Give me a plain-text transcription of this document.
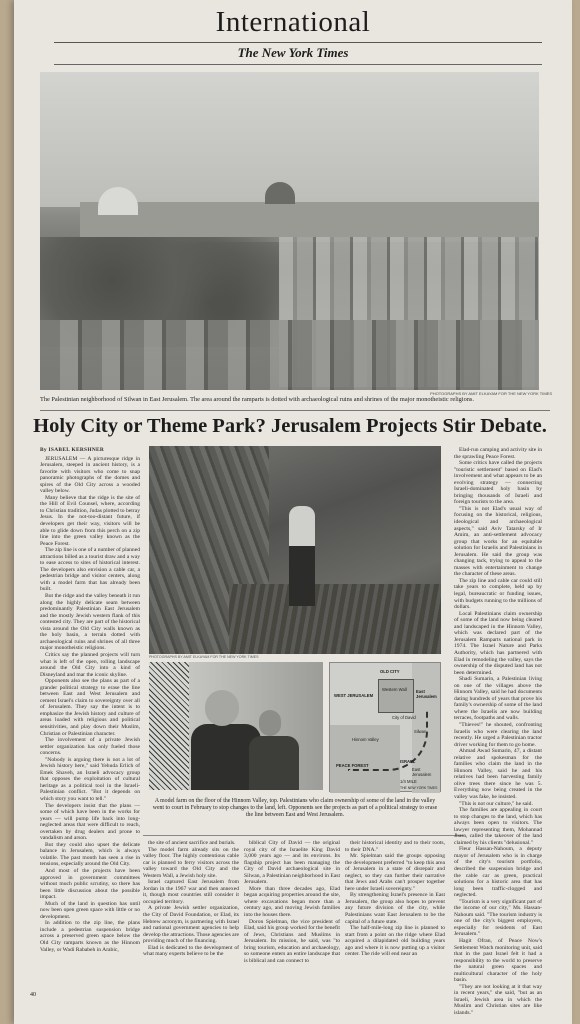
International
The New York Times
PHOTOGRAPHS BY AMIT ELKAYAM FOR THE NEW YORK TIMES
The Palestinian neighborhood of Silwan in East Jerusalem. The area around the ramparts is dotted with archaeological ruins and shrines of the major monotheistic religions.
Holy City or Theme Park? Jerusalem Projects Stir Debate.
By ISABEL KERSHNER

JERUSALEM — A picturesque ridge in Jerusalem, steeped in ancient history, is a favorite with visitors who come to snap panoramic photographs of the domes and spires of the Old City across a wooded valley below.

Many believe that the ridge is the site of the Hill of Evil Counsel, where, according to Christian tradition, Judas plotted to betray Jesus. In the not-too-distant future, if developers get their way, visitors will be able to glide down from this perch on a zip line into the green valley known as the Peace Forest.

The zip line is one of a number of planned attractions billed as a tourist draw and a way to ease access to sites of historical interest. The developers also envision a cable car, a pedestrian bridge and visitor centers, along with a model farm that has already been built.

But the ridge and the valley beneath it run along the highly delicate seam between predominantly Palestinian East Jerusalem and the mostly Jewish western flank of this contested city. They are part of the historical vista around the Old City walls known as the holy basin, a terrain dotted with archaeological ruins and shrines of all three major monotheistic religions.

Critics say the planned projects will turn what is left of the open, rolling landscape around the Old City into a kind of Disneyland and mar the iconic skyline.

Opponents also see the plans as part of a grander political strategy to erase the line between East and West Jerusalem and cement Israel's claim to sovereignty over all of Jerusalem. They say the intent is to emphasize the Jewish history and culture of areas loaded with religious and political sensitivities, and play down their Muslim, Christian or Palestinian character.

The involvement of a private Jewish settler organization has only fueled those concerns.

"Nobody is arguing there is not a lot of Jewish history here," said Yehuda Erlich of Emek Shaveh, an Israeli advocacy group that opposes the exploitation of cultural heritage as a political tool in the Israeli-Palestinian conflict. "But it depends on which story you want to tell."

The developers insist that the plans — some of which have been in the works for years — will pump life back into long-neglected areas that were difficult to reach, overtaken by drug dealers and prone to vandalism and arson.

But they could also upset the delicate balance in Jerusalem, which is always volatile. The past month has seen a rise in tensions, especially around the Old City.

And most of the projects have been approved in government committees without much public scrutiny, so there has been little discussion about the possible impact.

Much of the land in question has until now been open green space with little or no development.

In addition to the zip line, the plans include a pedestrian suspension bridge across a preserved green space below the Old City ramparts known as the Hinnom Valley, or Wadi Rababeh in Arabic,

PHOTOGRAPHS BY AMIT ELKAYAM FOR THE NEW YORK TIMES
OLD CITY
Western Wall East Jerusalem
City of David
Silwan
WEST JERUSALEM
Hinnom Valley
PEACE FOREST
ISRAEL
East Jerusalem
1/4 MILE
THE NEW YORK TIMES
A model farm on the floor of the Hinnom Valley, top. Palestinians who claim ownership of some of the land in the valley went to court in February to stop changes to the land, left. Opponents see the projects as part of a political strategy to erase the line between East and West Jerusalem.

the site of ancient sacrifice and burials.

The model farm already sits on the valley floor. The highly contentious cable car is planned to ferry visitors across the valley toward the Old City and the Western Wall, a Jewish holy site.

Israel captured East Jerusalem from Jordan in the 1967 war and then annexed it, though most countries still consider it occupied territory.

A private Jewish settler organization, the City of David Foundation, or Elad, its Hebrew acronym, is partnering with Israel and national government agencies to help develop the attractions. Those agencies are providing much of the financing.

Elad is dedicated to the development of what many experts believe to be the

biblical City of David — the original royal city of the Israelite King David 3,000 years ago — and its environs. Its flagship project has been managing the City of David archaeological site in Silwan, a Palestinian neighborhood in East Jerusalem.

More than three decades ago, Elad began acquiring properties around the site, where excavations began more than a century ago, and moving Jewish families into the houses there.

Doron Spielman, the vice president of Elad, said his group worked for the benefit of Jews, Christians and Muslims in Jerusalem. Its mission, he said, was "to bring tourism, education and archaeology, so someone enters an entire landscape that is biblical and can connect to

their historical identity and to their roots, to their DNA."

Mr. Spielman said the groups opposing the development preferred "to keep this area of Jerusalem in a state of disrepair and neglect, so they can further their narrative that Jews and Arabs can't prosper together here under Israeli sovereignty."

By strengthening Israel's presence in East Jerusalem, the group also hopes to prevent any future division of the city, while Palestinians want East Jerusalem to be the capital of a future state.

The half-mile-long zip line is planned to start from a point on the ridge where Elad acquired a dilapidated old building years ago and where it is now putting up a visitor center. The ride will end near an

Elad-run camping and activity site in the sprawling Peace Forest.

Some critics have called the projects "touristic settlement" based on Elad's involvement and what appears to be an evolving strategy — connecting Israeli-dominated holy basin by bringing thousands of Israeli and foreign tourists to the area.

"This is not Elad's usual way of focusing on the historical, religious, ideological and archaeological aspects," said Aviv Tatarsky of Ir Amim, an anti-settlement advocacy group that works for an equitable solution for Israelis and Palestinians in Jerusalem. He said the group was changing tack, trying to appeal to the masses with entertainment to change the character of these areas.

The zip line and cable car could still take years to complete, held up by legal, bureaucratic or funding issues, with budgets running to the millions of dollars.

Local Palestinians claim ownership of some of the land now being cleared and landscaped in the Hinnom Valley, which was declared part of the Jerusalem Ramparts national park in 1974. The Israel Nature and Parks Authority, which has partnered with Elad in remodeling the valley, says the ownership of the disputed land has not been determined.

Shadi Sumarin, a Palestinian living on one of the villages above the Hinnom Valley, said he had documents dating hundreds of years that prove his family's ownership of some of the land where the Israelis are now building terraces, footpaths and walls.

"Thieves!" he shouted, confronting Israelis who were clearing the land recently. He urged a Palestinian tractor driver working for them to go home.

Ahmad Awad Sumarin, 47, a distant relative and spokesman for the families who claim the land in the Hinnom Valley, said he and his relatives had been harvesting family olive trees there since he was 5. Everything now being created in the valley was fake, he insisted.

"This is not our culture," he said.

The families are appealing in court to stop changes to the land, which has always been open to visitors. The lawyer representing them, Mohannad Jbara, called the takeover of the land claimed by his clients "delusional."

Fleur Hassan-Nahoum, a deputy mayor of Jerusalem who is in charge of the city's tourism portfolio, described the suspension bridge and the cable car as green, practical solutions for a historic area that has long been traffic-clogged and neglected.

"Tourism is a very significant part of the income of our city," Ms. Hassan-Nahoum said. "The tourism industry is one of the city's biggest employers, especially for residents of East Jerusalem."

Hagit Ofran, of Peace Now's Settlement Watch monitoring unit, said that in the past Israel felt it had a responsibility to the world to preserve the natural green spaces and multicultural character of the holy basin.

"They are not looking at it that way in recent years," she said, "but as an Israeli, Jewish area in which the Muslim and Christian sites are like islands."

40
